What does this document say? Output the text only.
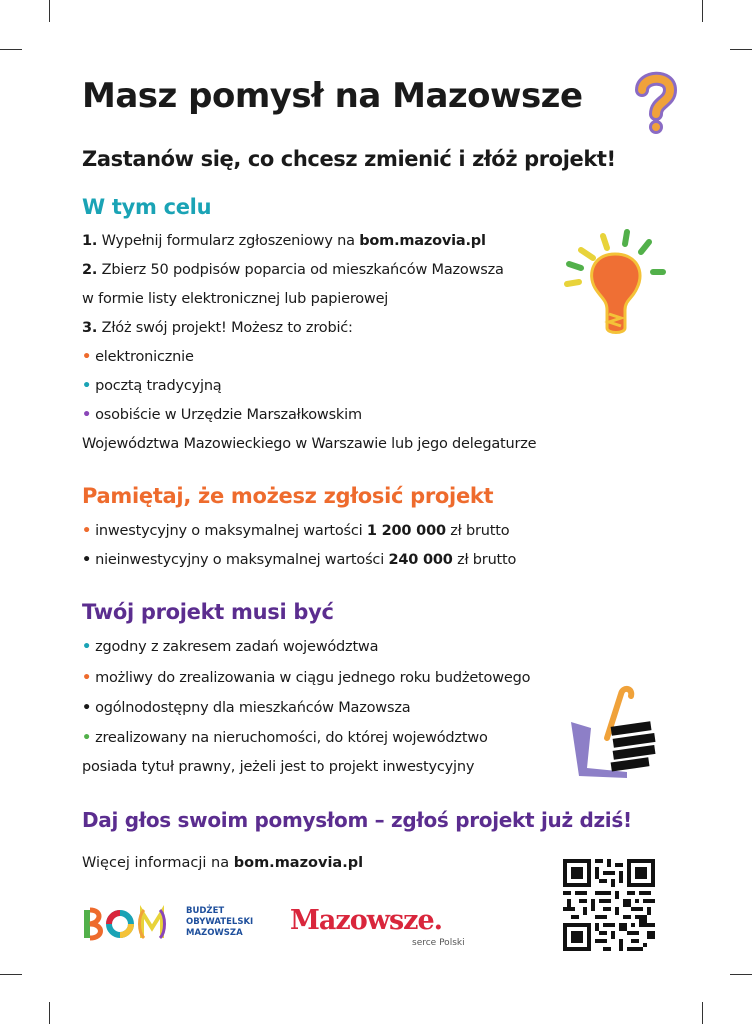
Masz pomysł na Mazowsze
Zastanów się, co chcesz zmienić i złóż projekt!
W tym celu
1. Wypełnij formularz zgłoszeniowy na bom.mazovia.pl
2. Zbierz 50 podpisów poparcia od mieszkańców Mazowsza
w formie listy elektronicznej lub papierowej
3. Złóż swój projekt! Możesz to zrobić:
• elektronicznie
• pocztą tradycyjną
• osobiście w Urzędzie Marszałkowskim
Województwa Mazowieckiego w Warszawie lub jego delegaturze
Pamiętaj, że możesz zgłosić projekt
• inwestycyjny o maksymalnej wartości 1 200 000 zł brutto
• nieinwestycyjny o maksymalnej wartości 240 000 zł brutto
Twój projekt musi być
• zgodny z zakresem zadań województwa
• możliwy do zrealizowania w ciągu jednego roku budżetowego
• ogólnodostępny dla mieszkańców Mazowsza
• zrealizowany na nieruchomości, do której województwo
posiada tytuł prawny, jeżeli jest to projekt inwestycyjny
Daj głos swoim pomysłom – zgłoś projekt już dziś!
Więcej informacji na bom.mazovia.pl
BUDŻET
OBYWATELSKI
MAZOWSZA	Mazowsze.
serce Polski
